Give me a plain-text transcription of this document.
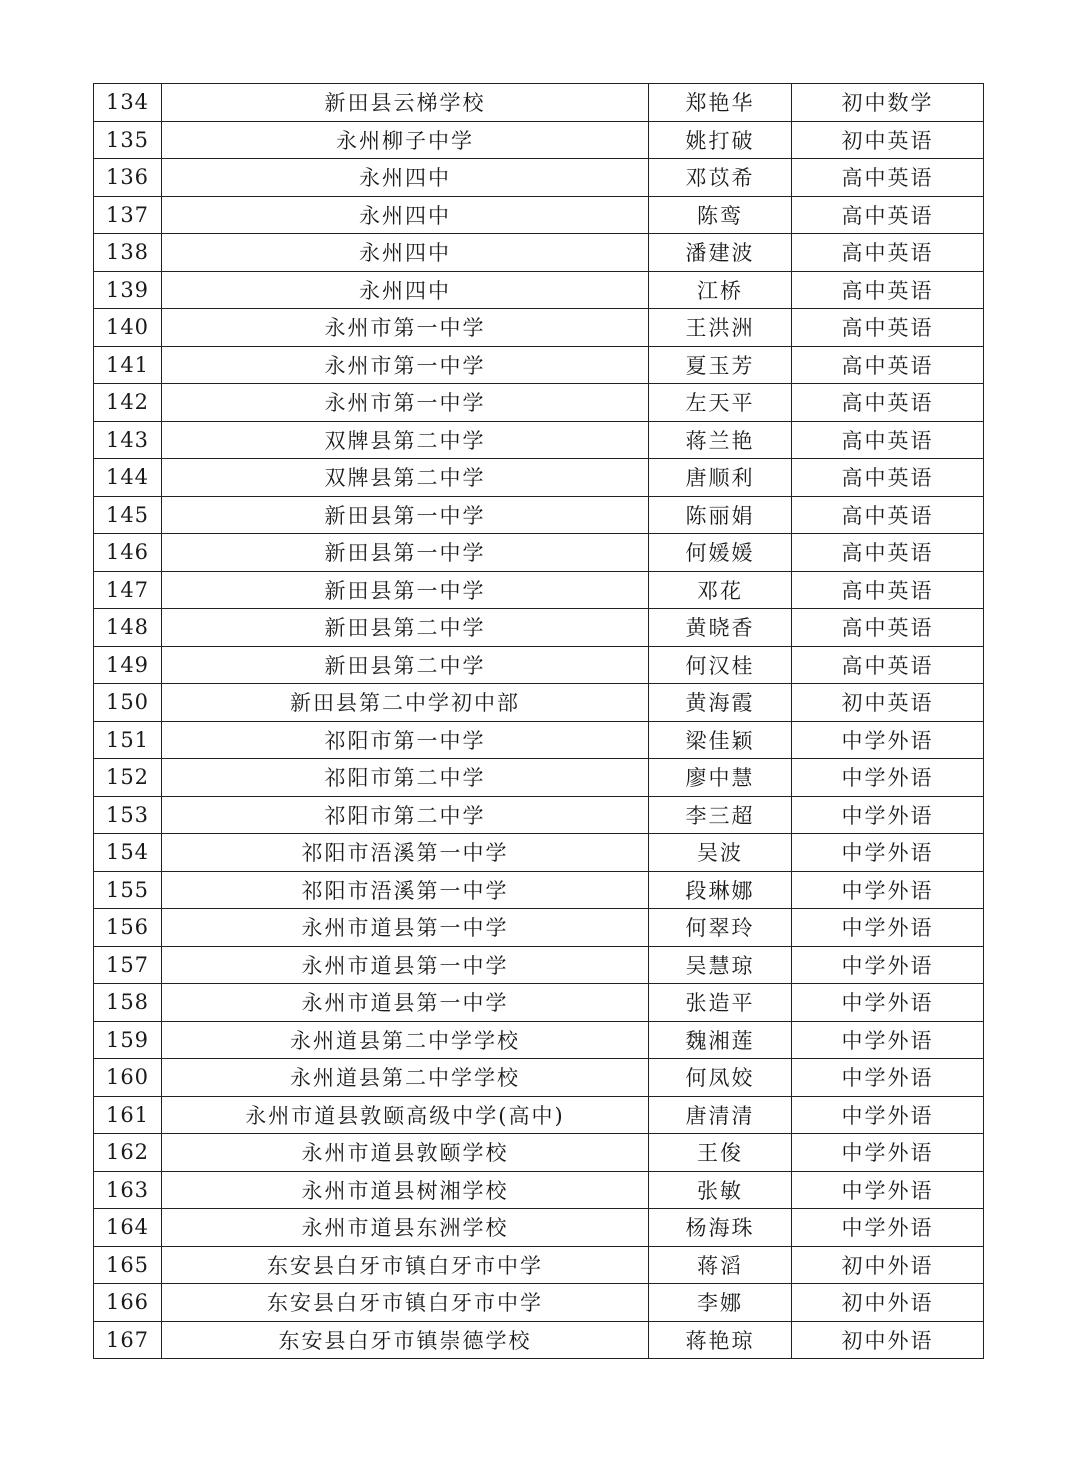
134	新田县云梯学校	郑艳华	初中数学
135	永州柳子中学	姚打破	初中英语
136	永州四中	邓苡希	高中英语
137	永州四中	陈鸾	高中英语
138	永州四中	潘建波	高中英语
139	永州四中	江桥	高中英语
140	永州市第一中学	王洪洲	高中英语
141	永州市第一中学	夏玉芳	高中英语
142	永州市第一中学	左天平	高中英语
143	双牌县第二中学	蒋兰艳	高中英语
144	双牌县第二中学	唐顺利	高中英语
145	新田县第一中学	陈丽娟	高中英语
146	新田县第一中学	何媛媛	高中英语
147	新田县第一中学	邓花	高中英语
148	新田县第二中学	黄晓香	高中英语
149	新田县第二中学	何汉桂	高中英语
150	新田县第二中学初中部	黄海霞	初中英语
151	祁阳市第一中学	梁佳颖	中学外语
152	祁阳市第二中学	廖中慧	中学外语
153	祁阳市第二中学	李三超	中学外语
154	祁阳市浯溪第一中学	吴波	中学外语
155	祁阳市浯溪第一中学	段琳娜	中学外语
156	永州市道县第一中学	何翠玲	中学外语
157	永州市道县第一中学	吴慧琼	中学外语
158	永州市道县第一中学	张造平	中学外语
159	永州道县第二中学学校	魏湘莲	中学外语
160	永州道县第二中学学校	何凤姣	中学外语
161	永州市道县敦颐高级中学(高中)	唐清清	中学外语
162	永州市道县敦颐学校	王俊	中学外语
163	永州市道县树湘学校	张敏	中学外语
164	永州市道县东洲学校	杨海珠	中学外语
165	东安县白牙市镇白牙市中学	蒋滔	初中外语
166	东安县白牙市镇白牙市中学	李娜	初中外语
167	东安县白牙市镇崇德学校	蒋艳琼	初中外语
